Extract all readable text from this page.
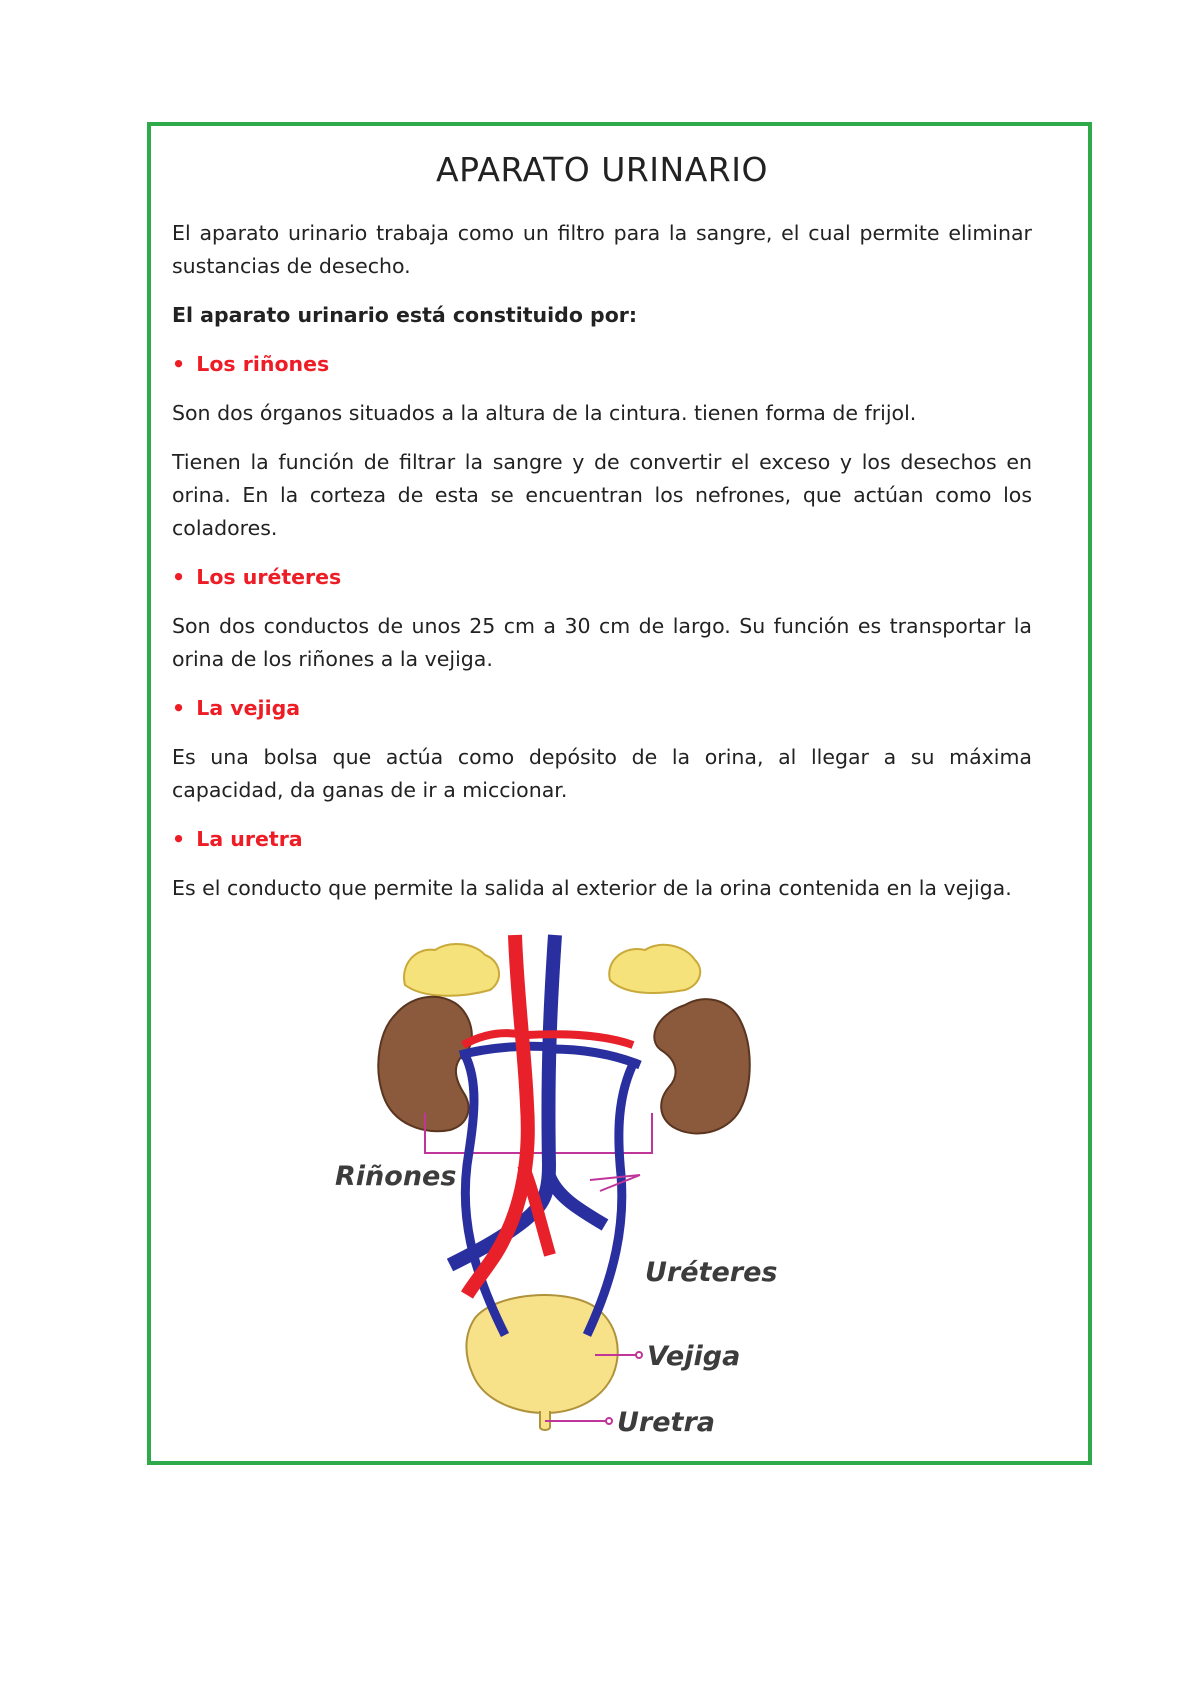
APARATO URINARIO

El aparato urinario trabaja como un filtro para la sangre, el cual permite eliminar sustancias de desecho.

El aparato urinario está constituido por:

• Los riñones

Son dos órganos situados a la altura de la cintura. tienen forma de frijol.

Tienen la función de filtrar la sangre y de convertir el exceso y los desechos en orina. En la corteza de esta se encuentran los nefrones, que actúan como los coladores.

• Los uréteres

Son dos conductos de unos 25 cm a 30 cm de largo. Su función es transportar la orina de los riñones a la vejiga.

• La vejiga

Es una bolsa que actúa como depósito de la orina, al llegar a su máxima capacidad, da ganas de ir a miccionar.

• La uretra

Es el conducto que permite la salida al exterior de la orina contenida en la vejiga.

Riñones
Uréteres
Vejiga
Uretra
